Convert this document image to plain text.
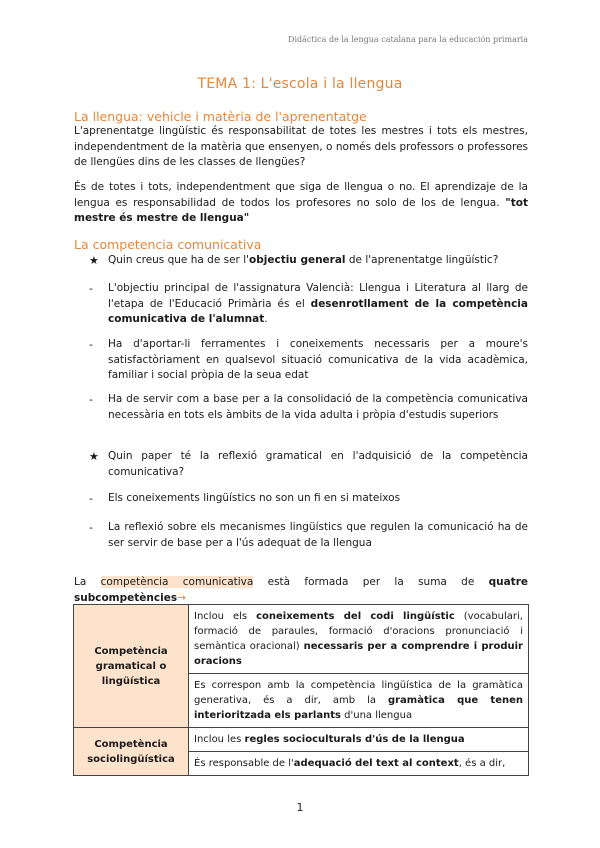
Didáctica de la lengua catalana para la educación primaria
TEMA 1: L'escola i la llengua
La llengua: vehicle i matèria de l'aprenentatge
L'aprenentatge lingüístic és responsabilitat de totes les mestres i tots els mestres, independentment de la matèria que ensenyen, o només dels professors o professores de llengües dins de les classes de llengües?
És de totes i tots, independentment que siga de llengua o no. El aprendizaje de la lengua es responsabilidad de todos los profesores no solo de los de lengua. "tot mestre és mestre de llengua"
La competencia comunicativa
★ Quin creus que ha de ser l'objectiu general de l'aprenentatge lingüístic?
-	L'objectiu principal de l'assignatura Valencià: Llengua i Literatura al llarg de l'etapa de l'Educació Primària és el desenrotllament de la competència comunicativa de l'alumnat.
-	Ha d'aportar-li ferramentes i coneixements necessaris per a moure's satisfactòriament en qualsevol situació comunicativa de la vida acadèmica, familiar i social pròpia de la seua edat
-	Ha de servir com a base per a la consolidació de la competència comunicativa necessària en tots els àmbits de la vida adulta i pròpia d'estudis superiors
★ Quin paper té la reflexió gramatical en l'adquisició de la competència comunicativa?
-	Els coneixements lingüístics no son un fi en si mateixos
-	La reflexió sobre els mecanismes lingüístics que regulen la comunicació ha de ser servir de base per a l'ús adequat de la llengua
La competència comunicativa està formada per la suma de quatre subcompetències→
Competència gramatical o lingüística	Inclou els coneixements del codi lingüístic (vocabulari, formació de paraules, formació d'oracions pronunciació i semàntica oracional) necessaris per a comprendre i produir oracions
	Es correspon amb la competència lingüística de la gramàtica generativa, és a dir, amb la gramàtica que tenen interioritzada els parlants d'una llengua
Competència sociolingüística	Inclou les regles socioculturals d'ús de la llengua
	És responsable de l'adequació del text al context, és a dir,
1
